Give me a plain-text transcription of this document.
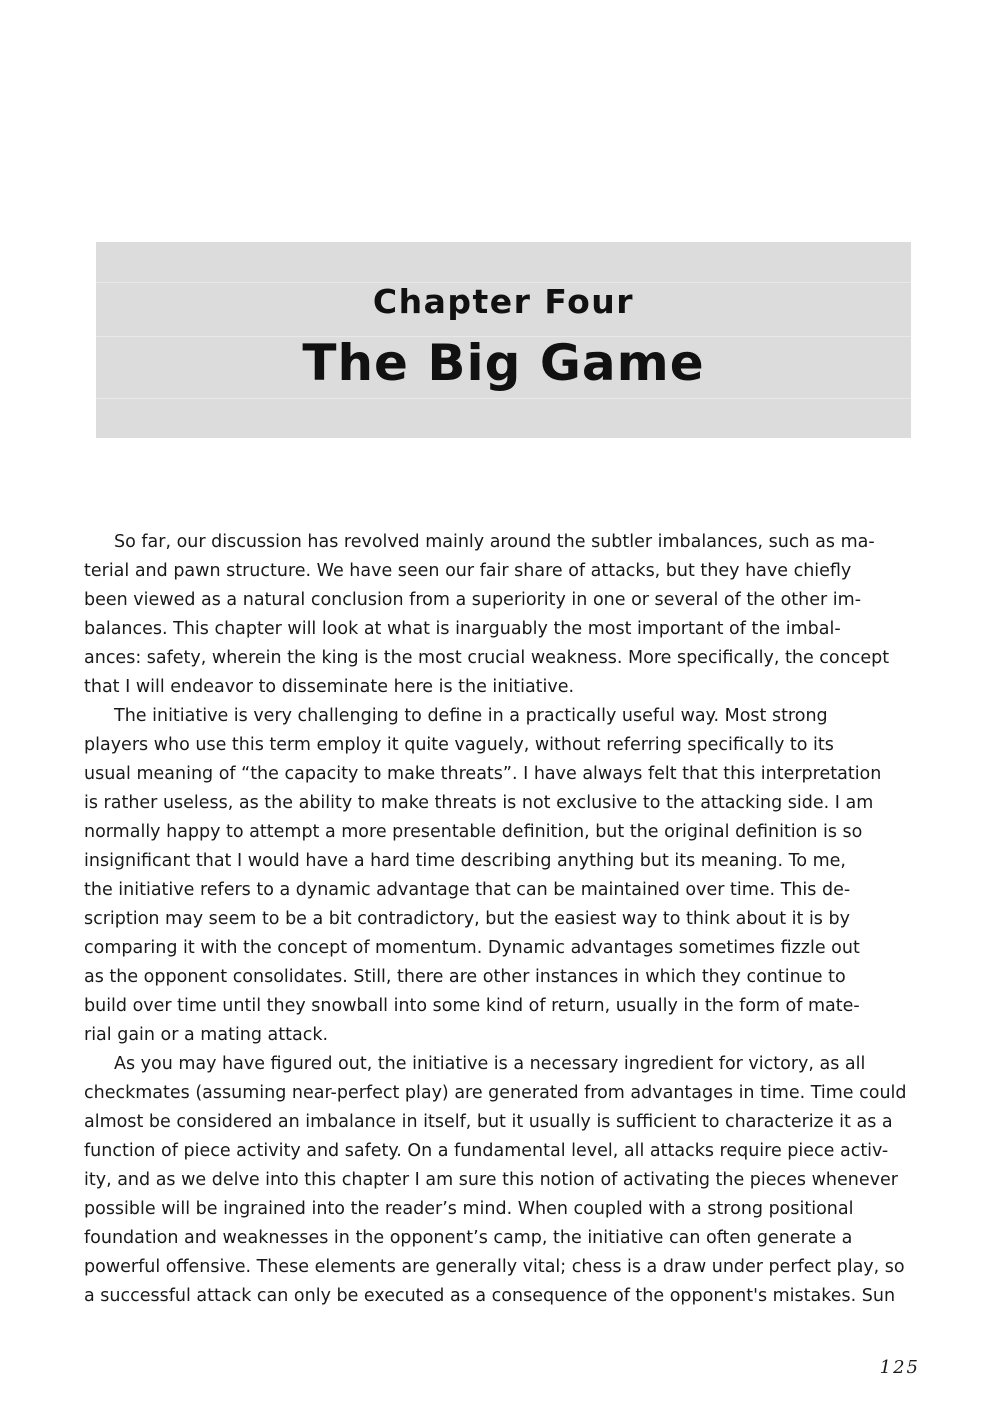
Chapter Four
The Big Game
So far, our discussion has revolved mainly around the subtler imbalances, such as ma-
terial and pawn structure. We have seen our fair share of attacks, but they have chiefly
been viewed as a natural conclusion from a superiority in one or several of the other im-
balances. This chapter will look at what is inarguably the most important of the imbal-
ances: safety, wherein the king is the most crucial weakness. More specifically, the concept
that I will endeavor to disseminate here is the initiative.
The initiative is very challenging to define in a practically useful way. Most strong
players who use this term employ it quite vaguely, without referring specifically to its
usual meaning of “the capacity to make threats”. I have always felt that this interpretation
is rather useless, as the ability to make threats is not exclusive to the attacking side. I am
normally happy to attempt a more presentable definition, but the original definition is so
insignificant that I would have a hard time describing anything but its meaning. To me,
the initiative refers to a dynamic advantage that can be maintained over time. This de-
scription may seem to be a bit contradictory, but the easiest way to think about it is by
comparing it with the concept of momentum. Dynamic advantages sometimes fizzle out
as the opponent consolidates. Still, there are other instances in which they continue to
build over time until they snowball into some kind of return, usually in the form of mate-
rial gain or a mating attack.
As you may have figured out, the initiative is a necessary ingredient for victory, as all
checkmates (assuming near-perfect play) are generated from advantages in time. Time could
almost be considered an imbalance in itself, but it usually is sufficient to characterize it as a
function of piece activity and safety. On a fundamental level, all attacks require piece activ-
ity, and as we delve into this chapter I am sure this notion of activating the pieces whenever
possible will be ingrained into the reader’s mind. When coupled with a strong positional
foundation and weaknesses in the opponent’s camp, the initiative can often generate a
powerful offensive. These elements are generally vital; chess is a draw under perfect play, so
a successful attack can only be executed as a consequence of the opponent's mistakes. Sun
125
